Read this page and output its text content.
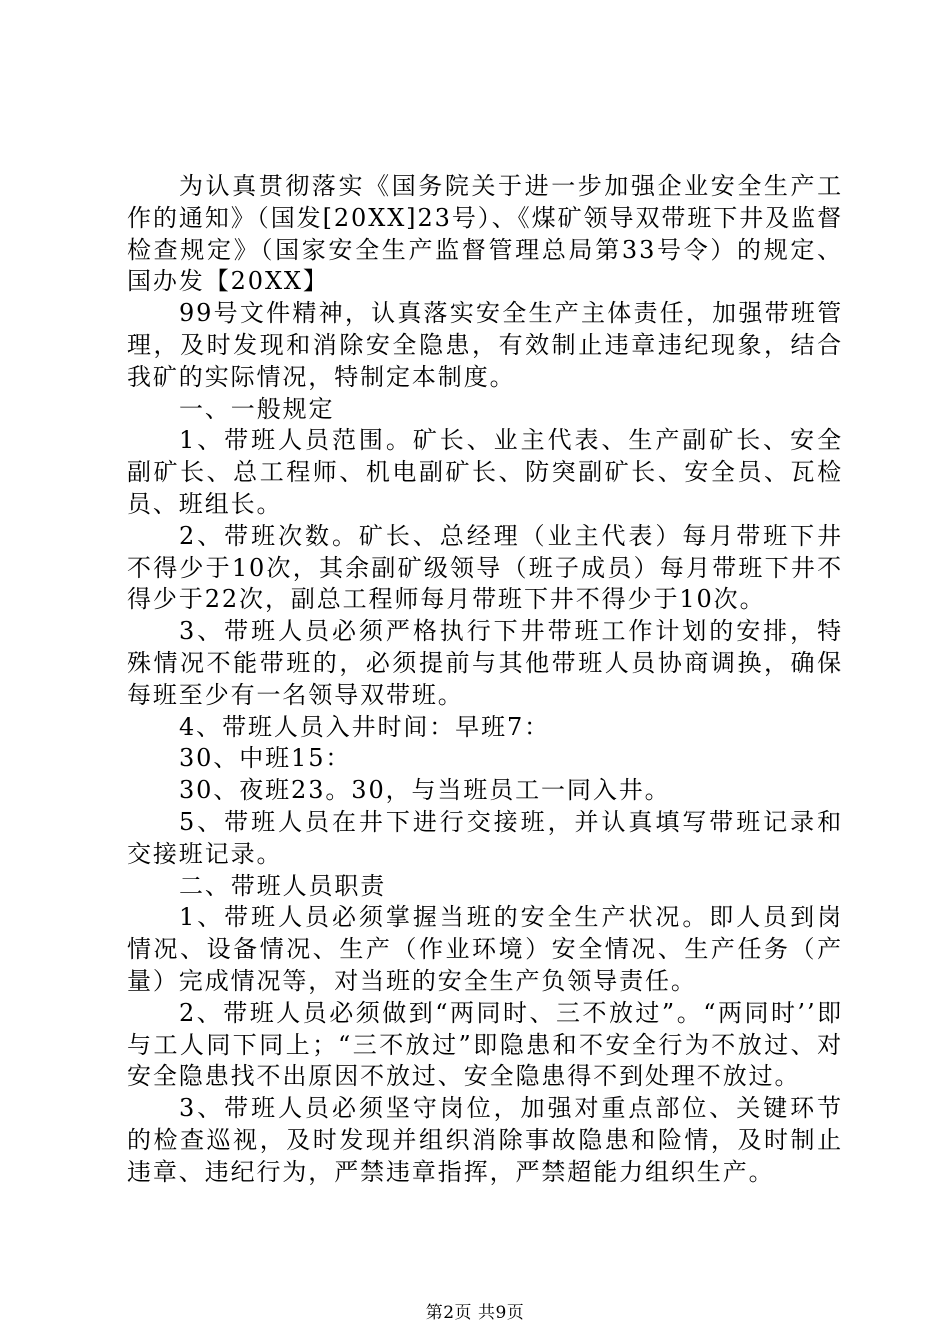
为认真贯彻落实《国务院关于进一步加强企业安全生产工作的通知》（国发[20XX]23号）、《煤矿领导双带班下井及监督检查规定》（国家安全生产监督管理总局第33号令）的规定、国办发【20XX】

99号文件精神，认真落实安全生产主体责任，加强带班管理，及时发现和消除安全隐患，有效制止违章违纪现象，结合我矿的实际情况，特制定本制度。

一、一般规定

1、带班人员范围。矿长、业主代表、生产副矿长、安全副矿长、总工程师、机电副矿长、防突副矿长、安全员、瓦检员、班组长。

2、带班次数。矿长、总经理（业主代表）每月带班下井不得少于10次，其余副矿级领导（班子成员）每月带班下井不得少于22次，副总工程师每月带班下井不得少于10次。

3、带班人员必须严格执行下井带班工作计划的安排，特殊情况不能带班的，必须提前与其他带班人员协商调换，确保每班至少有一名领导双带班。

4、带班人员入井时间：早班7：

30、中班15：

30、夜班23。30，与当班员工一同入井。

5、带班人员在井下进行交接班，并认真填写带班记录和交接班记录。

二、带班人员职责

1、带班人员必须掌握当班的安全生产状况。即人员到岗情况、设备情况、生产（作业环境）安全情况、生产任务（产量）完成情况等，对当班的安全生产负领导责任。

2、带班人员必须做到“两同时、三不放过”。“两同时’’即与工人同下同上；“三不放过”即隐患和不安全行为不放过、对安全隐患找不出原因不放过、安全隐患得不到处理不放过。

3、带班人员必须坚守岗位，加强对重点部位、关键环节的检查巡视，及时发现并组织消除事故隐患和险情，及时制止违章、违纪行为，严禁违章指挥，严禁超能力组织生产。

第2页 共9页
